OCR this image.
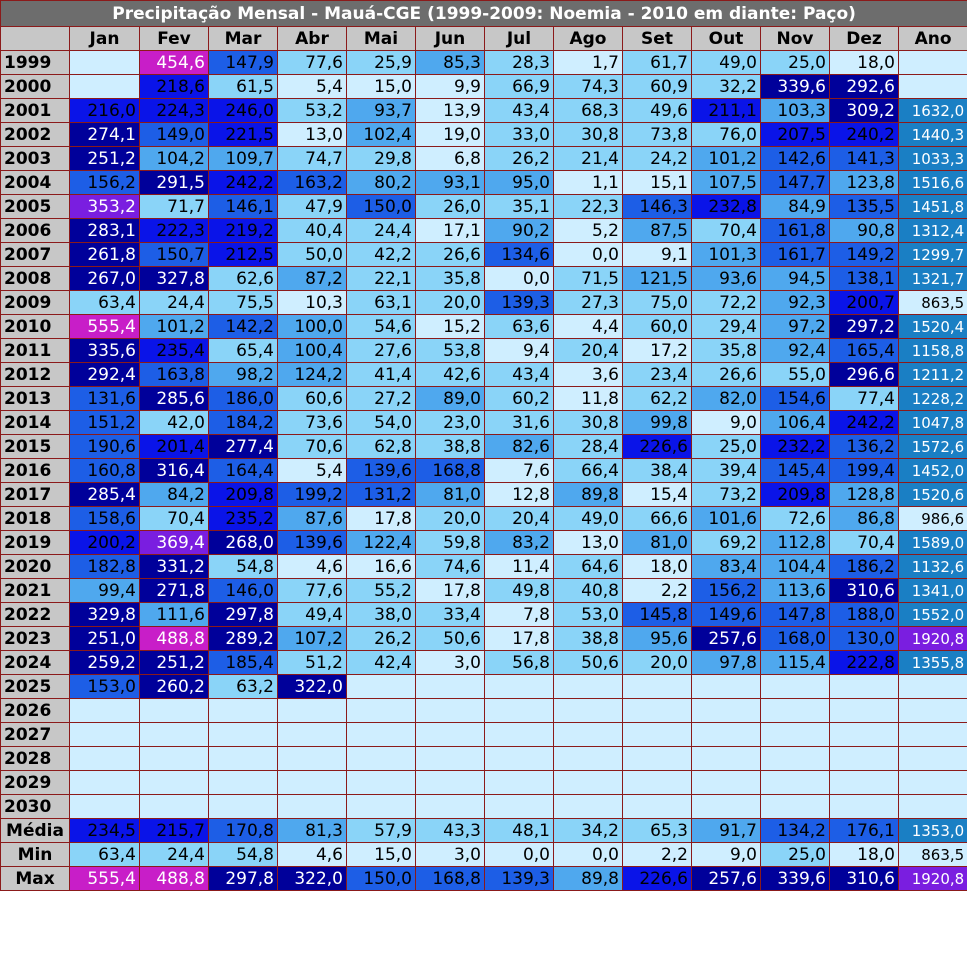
Precipitação Mensal - Mauá-CGE (1999-2009: Noemia - 2010 em diante: Paço)													
	Jan	Fev	Mar	Abr	Mai	Jun	Jul	Ago	Set	Out	Nov	Dez	Ano
1999		454,6	147,9	77,6	25,9	85,3	28,3	1,7	61,7	49,0	25,0	18,0	
2000		218,6	61,5	5,4	15,0	9,9	66,9	74,3	60,9	32,2	339,6	292,6	
2001	216,0	224,3	246,0	53,2	93,7	13,9	43,4	68,3	49,6	211,1	103,3	309,2	1632,0
2002	274,1	149,0	221,5	13,0	102,4	19,0	33,0	30,8	73,8	76,0	207,5	240,2	1440,3
2003	251,2	104,2	109,7	74,7	29,8	6,8	26,2	21,4	24,2	101,2	142,6	141,3	1033,3
2004	156,2	291,5	242,2	163,2	80,2	93,1	95,0	1,1	15,1	107,5	147,7	123,8	1516,6
2005	353,2	71,7	146,1	47,9	150,0	26,0	35,1	22,3	146,3	232,8	84,9	135,5	1451,8
2006	283,1	222,3	219,2	40,4	24,4	17,1	90,2	5,2	87,5	70,4	161,8	90,8	1312,4
2007	261,8	150,7	212,5	50,0	42,2	26,6	134,6	0,0	9,1	101,3	161,7	149,2	1299,7
2008	267,0	327,8	62,6	87,2	22,1	35,8	0,0	71,5	121,5	93,6	94,5	138,1	1321,7
2009	63,4	24,4	75,5	10,3	63,1	20,0	139,3	27,3	75,0	72,2	92,3	200,7	863,5
2010	555,4	101,2	142,2	100,0	54,6	15,2	63,6	4,4	60,0	29,4	97,2	297,2	1520,4
2011	335,6	235,4	65,4	100,4	27,6	53,8	9,4	20,4	17,2	35,8	92,4	165,4	1158,8
2012	292,4	163,8	98,2	124,2	41,4	42,6	43,4	3,6	23,4	26,6	55,0	296,6	1211,2
2013	131,6	285,6	186,0	60,6	27,2	89,0	60,2	11,8	62,2	82,0	154,6	77,4	1228,2
2014	151,2	42,0	184,2	73,6	54,0	23,0	31,6	30,8	99,8	9,0	106,4	242,2	1047,8
2015	190,6	201,4	277,4	70,6	62,8	38,8	82,6	28,4	226,6	25,0	232,2	136,2	1572,6
2016	160,8	316,4	164,4	5,4	139,6	168,8	7,6	66,4	38,4	39,4	145,4	199,4	1452,0
2017	285,4	84,2	209,8	199,2	131,2	81,0	12,8	89,8	15,4	73,2	209,8	128,8	1520,6
2018	158,6	70,4	235,2	87,6	17,8	20,0	20,4	49,0	66,6	101,6	72,6	86,8	986,6
2019	200,2	369,4	268,0	139,6	122,4	59,8	83,2	13,0	81,0	69,2	112,8	70,4	1589,0
2020	182,8	331,2	54,8	4,6	16,6	74,6	11,4	64,6	18,0	83,4	104,4	186,2	1132,6
2021	99,4	271,8	146,0	77,6	55,2	17,8	49,8	40,8	2,2	156,2	113,6	310,6	1341,0
2022	329,8	111,6	297,8	49,4	38,0	33,4	7,8	53,0	145,8	149,6	147,8	188,0	1552,0
2023	251,0	488,8	289,2	107,2	26,2	50,6	17,8	38,8	95,6	257,6	168,0	130,0	1920,8
2024	259,2	251,2	185,4	51,2	42,4	3,0	56,8	50,6	20,0	97,8	115,4	222,8	1355,8
2025	153,0	260,2	63,2	322,0									
2026													
2027													
2028													
2029													
2030													
Média	234,5	215,7	170,8	81,3	57,9	43,3	48,1	34,2	65,3	91,7	134,2	176,1	1353,0
Min	63,4	24,4	54,8	4,6	15,0	3,0	0,0	0,0	2,2	9,0	25,0	18,0	863,5
Max	555,4	488,8	297,8	322,0	150,0	168,8	139,3	89,8	226,6	257,6	339,6	310,6	1920,8
